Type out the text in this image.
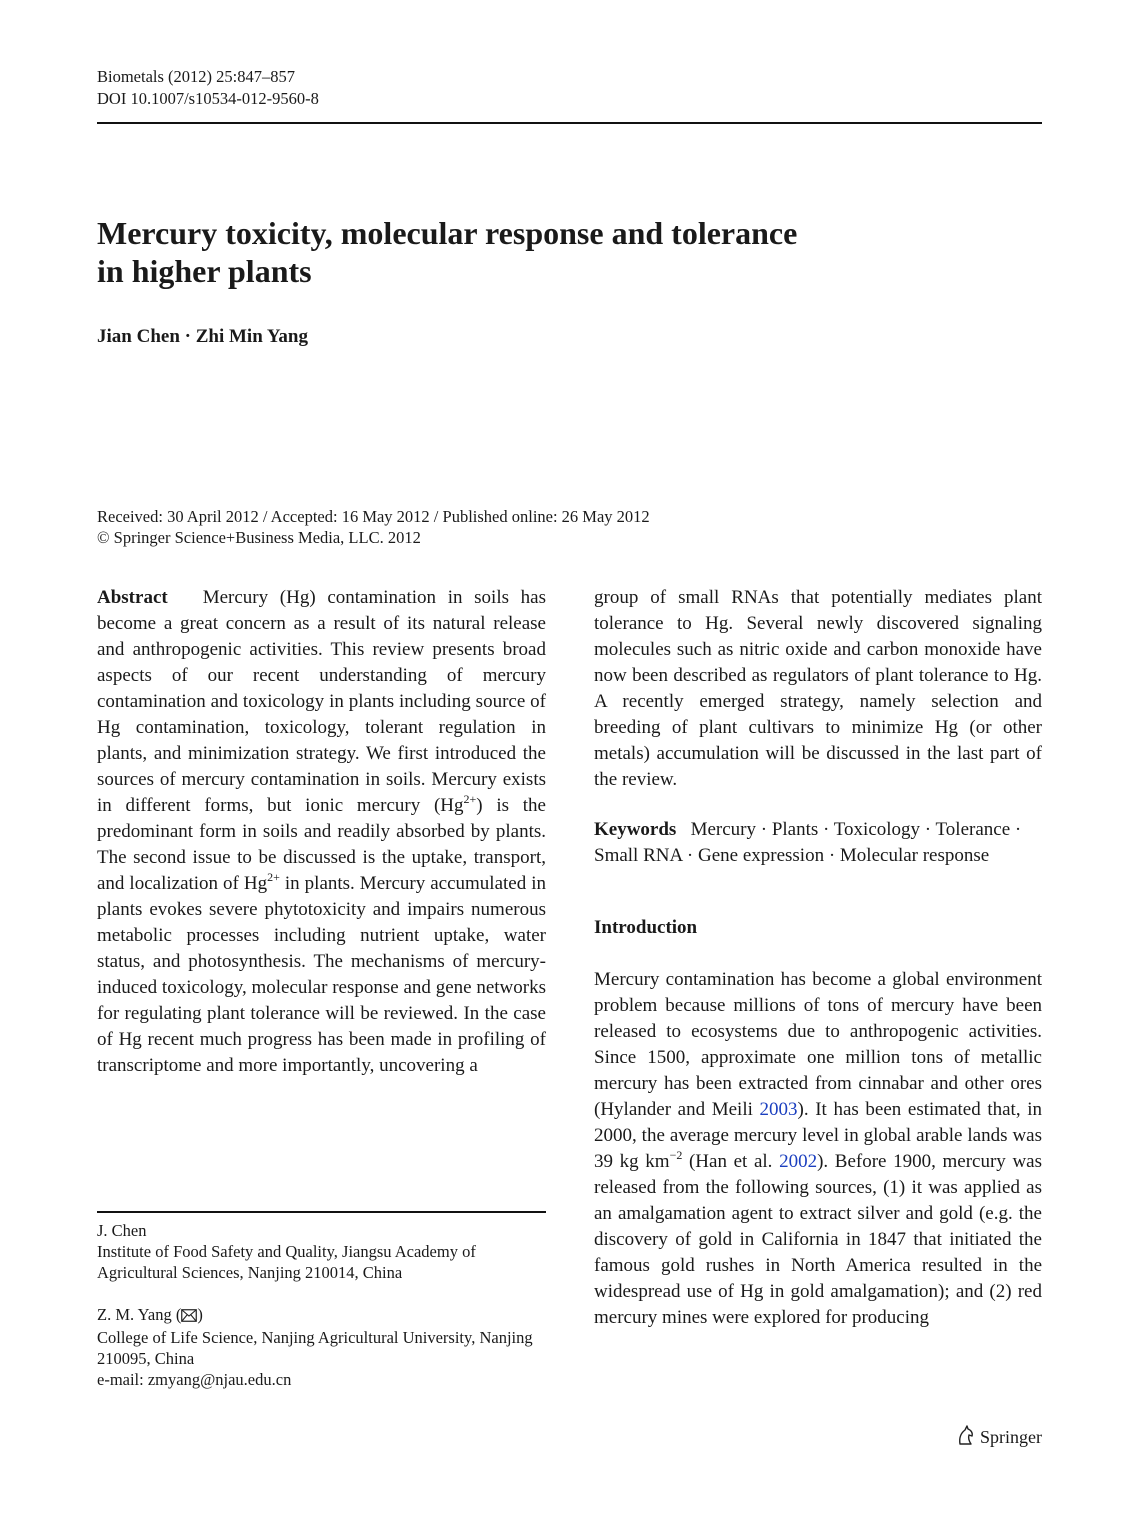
Biometals (2012) 25:847–857
DOI 10.1007/s10534-012-9560-8
Mercury toxicity, molecular response and tolerance
in higher plants
Jian Chen · Zhi Min Yang
Received: 30 April 2012 / Accepted: 16 May 2012 / Published online: 26 May 2012
© Springer Science+Business Media, LLC. 2012
Abstract Mercury (Hg) contamination in soils has become a great concern as a result of its natural release and anthropogenic activities. This review presents broad aspects of our recent understanding of mercury contamination and toxicology in plants including source of Hg contamination, toxicology, tolerant regulation in plants, and minimization strategy. We first introduced the sources of mercury contamination in soils. Mercury exists in different forms, but ionic mercury $(Hg^{2+})$ is the predominant form in soils and readily absorbed by plants. The second issue to be discussed is the uptake, transport, and localization of $Hg^{2+}$ in plants. Mercury accumulated in plants evokes severe phytotoxicity and impairs numerous metabolic processes including nutrient uptake, water status, and photosynthesis. The mechanisms of mercury-induced toxicology, molecular response and gene networks for regulating plant tolerance will be reviewed. In the case of Hg recent much progress has been made in profiling of transcriptome and more importantly, uncovering a
group of small RNAs that potentially mediates plant tolerance to Hg. Several newly discovered signaling molecules such as nitric oxide and carbon monoxide have now been described as regulators of plant tolerance to Hg. A recently emerged strategy, namely selection and breeding of plant cultivars to minimize Hg (or other metals) accumulation will be discussed in the last part of the review.
Keywords Mercury · Plants · Toxicology · Tolerance · Small RNA · Gene expression · Molecular response
Introduction
Mercury contamination has become a global environment problem because millions of tons of mercury have been released to ecosystems due to anthropogenic activities. Since 1500, approximate one million tons of metallic mercury has been extracted from cinnabar and other ores (Hylander and Meili 2003). It has been estimated that, in 2000, the average mercury level in global arable lands was 39 kg $km^{-2}$ (Han et al. 2002). Before 1900, mercury was released from the following sources, (1) it was applied as an amalgamation agent to extract silver and gold (e.g. the discovery of gold in California in 1847 that initiated the famous gold rushes in North America resulted in the widespread use of Hg in gold amalgamation); and (2) red mercury mines were explored for producing
J. Chen
Institute of Food Safety and Quality, Jiangsu Academy of Agricultural Sciences, Nanjing 210014, China
Z. M. Yang ( )
College of Life Science, Nanjing Agricultural University, Nanjing 210095, China
e-mail: zmyang@njau.edu.cn
Springer
